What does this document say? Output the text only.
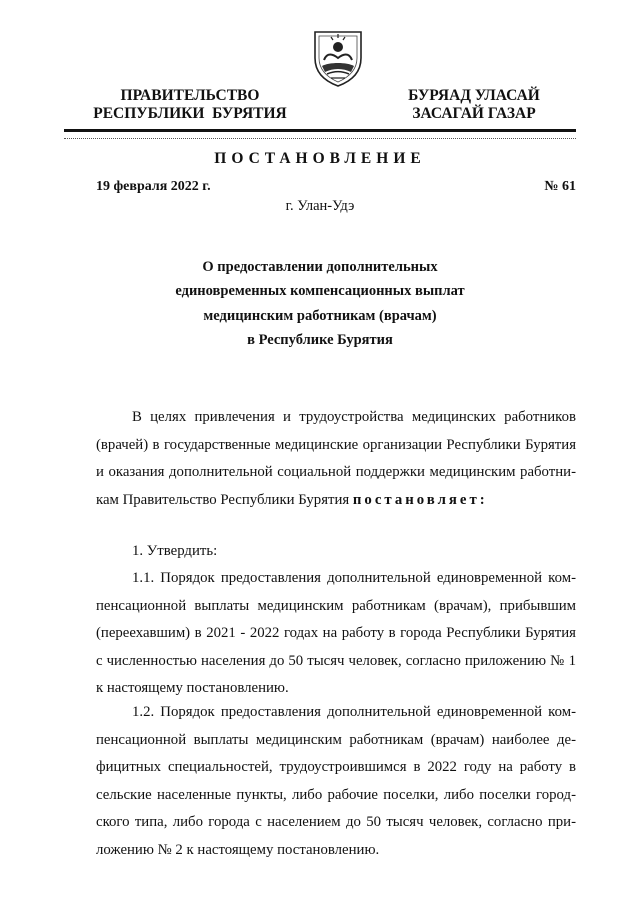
ПРАВИТЕЛЬСТВО
РЕСПУБЛИКИ  БУРЯТИЯ
БУРЯАД УЛАСАЙ
ЗАСАГАЙ ГАЗАР
ПОСТАНОВЛЕНИЕ
19 февраля 2022 г.	№ 61
г. Улан-Удэ
О предоставлении дополнительных
единовременных компенсационных выплат
медицинским работникам (врачам)
в Республике Бурятия

В целях привлечения и трудоустройства медицинских работников (врачей) в государственные медицинские организации Республики Бурятия и оказания дополнительной социальной поддержки медицинским работникам Правительство Республики Бурятия постановляет:

1. Утвердить:

1.1. Порядок предоставления дополнительной единовременной компенсационной выплаты медицинским работникам (врачам), прибывшим (переехавшим) в 2021 - 2022 годах на работу в города Республики Бурятия с численностью населения до 50 тысяч человек, согласно приложению № 1 к настоящему постановлению.

1.2. Порядок предоставления дополнительной единовременной компенсационной выплаты медицинским работникам (врачам) наиболее дефицитных специальностей, трудоустроившимся в 2022 году на работу в сельские населенные пункты, либо рабочие поселки, либо поселки городского типа, либо города с населением до 50 тысяч человек, согласно приложению № 2 к настоящему постановлению.
